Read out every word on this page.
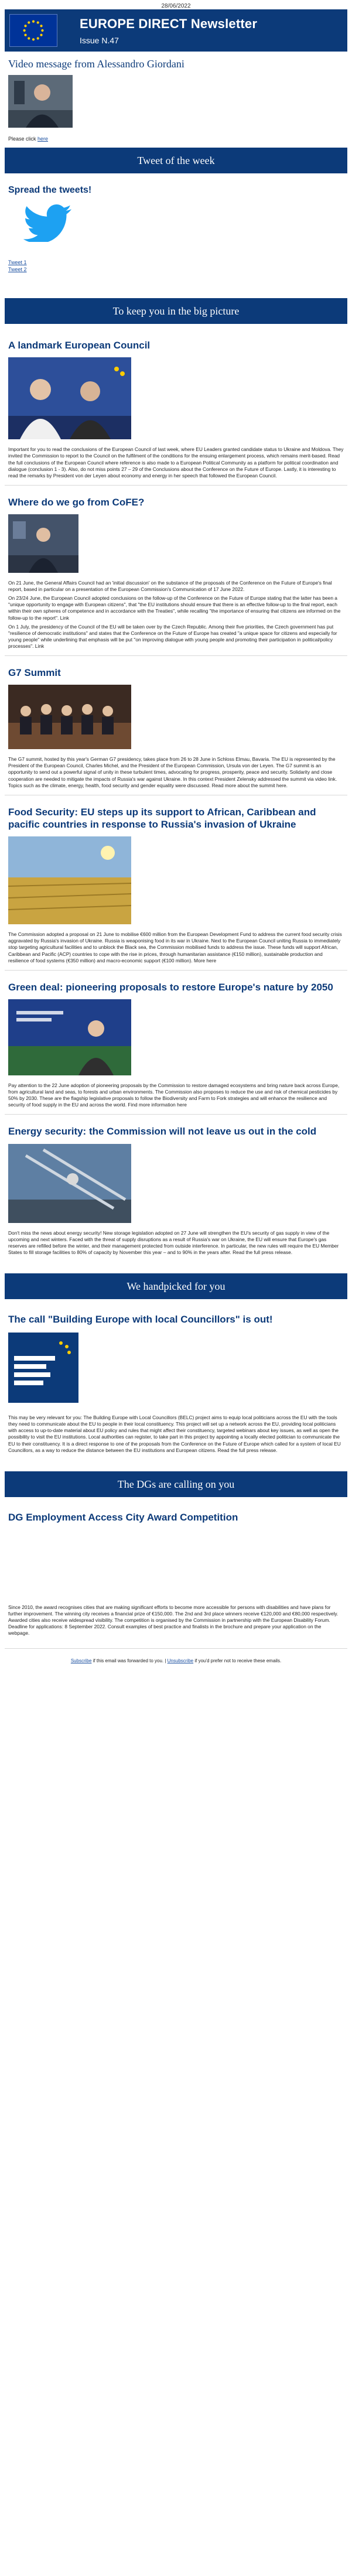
28/06/2022
EUROPE DIRECT Newsletter
Issue N.47
Video message from Alessandro Giordani
Please click here
Tweet of the week
Spread the tweets!
Tweet 1
Tweet 2
To keep you in the big picture
A landmark European Council

Important for you to read the conclusions of the European Council of last week, where EU Leaders granted candidate status to Ukraine and Moldova. They invited the Commission to report to the Council on the fulfilment of the conditions for the ensuing enlargement process, which remains merit-based. Read the full conclusions of the European Council where reference is also made to a European Political Community as a platform for political coordination and dialogue (conclusion 1 - 3). Also, do not miss points 27 – 29 of the Conclusions about the Conference on the Future of Europe. Lastly, it is interesting to read the remarks by President von der Leyen about economy and energy in her speech that followed the European Council.

Where do we go from CoFE?

On 21 June, the General Affairs Council had an 'initial discussion' on the substance of the proposals of the Conference on the Future of Europe's final report, based in particular on a presentation of the European Commission's Communication of 17 June 2022.

On 23/24 June, the European Council adopted conclusions on the follow-up of the Conference on the Future of Europe stating that the latter has been a "unique opportunity to engage with European citizens", that "the EU institutions should ensure that there is an effective follow-up to the final report, each within their own spheres of competence and in accordance with the Treaties", while recalling "the importance of ensuring that citizens are informed on the follow-up to the report". Link

On 1 July, the presidency of the Council of the EU will be taken over by the Czech Republic. Among their five priorities, the Czech government has put "resilience of democratic institutions" and states that the Conference on the Future of Europe has created "a unique space for citizens and especially for young people" while underlining that emphasis will be put "on improving dialogue with young people and promoting their participation in political/policy processes". Link

G7 Summit

The G7 summit, hosted by this year's German G7 presidency, takes place from 26 to 28 June in Schloss Elmau, Bavaria. The EU is represented by the President of the European Council, Charles Michel, and the President of the European Commission, Ursula von der Leyen. The G7 summit is an opportunity to send out a powerful signal of unity in these turbulent times, advocating for progress, prosperity, peace and security. Solidarity and close cooperation are needed to mitigate the impacts of Russia's war against Ukraine. In this context President Zelensky addressed the summit via video link. Topics such as the climate, energy, health, food security and gender equality were discussed. Read more about the summit here.

Food Security: EU steps up its support to African, Caribbean and pacific countries in response to Russia's invasion of Ukraine

The Commission adopted a proposal on 21 June to mobilise €600 million from the European Development Fund to address the current food security crisis aggravated by Russia's invasion of Ukraine. Russia is weaponising food in its war in Ukraine. Next to the European Council uniting Russia to immediately stop targeting agricultural facilities and to unblock the Black sea, the Commission mobilised funds to address the issue. These funds will support African, Caribbean and Pacific (ACP) countries to cope with the rise in prices, through humanitarian assistance (€150 million), sustainable production and resilience of food systems (€350 million) and macro-economic support (€100 million). More here

Green deal: pioneering proposals to restore Europe's nature by 2050

Pay attention to the 22 June adoption of pioneering proposals by the Commission to restore damaged ecosystems and bring nature back across Europe, from agricultural land and seas, to forests and urban environments. The Commission also proposes to reduce the use and risk of chemical pesticides by 50% by 2030. These are the flagship legislative proposals to follow the Biodiversity and Farm to Fork strategies and will enhance the resilience and security of food supply in the EU and across the world. Find more information here

Energy security: the Commission will not leave us out in the cold

Don't miss the news about energy security! New storage legislation adopted on 27 June will strengthen the EU's security of gas supply in view of the upcoming and next winters. Faced with the threat of supply disruptions as a result of Russia's war on Ukraine, the EU will ensure that Europe's gas reserves are refilled before the winter, and their management protected from outside interference. In particular, the new rules will require the EU Member States to fill storage facilities to 80% of capacity by November this year – and to 90% in the years after. Read the full press release.

We handpicked for you
The call "Building Europe with local Councillors" is out!

This may be very relevant for you: The Building Europe with Local Councillors (BELC) project aims to equip local politicians across the EU with the tools they need to communicate about the EU to people in their local constituency. This project will set up a network across the EU, providing local politicians with access to up-to-date material about EU policy and rules that might affect their constituency, targeted webinars about key issues, as well as open the possibility to visit the EU institutions. Local authorities can register, to take part in this project by appointing a locally elected politician to communicate the EU to their constituency. It is a direct response to one of the proposals from the Conference on the Future of Europe which called for a system of local EU Councillors, as a way to reduce the distance between the EU institutions and European citizens. Read the full press release.

The DGs are calling on you
DG Employment Access City Award Competition

Since 2010, the award recognises cities that are making significant efforts to become more accessible for persons with disabilities and have plans for further improvement. The winning city receives a financial prize of €150,000. The 2nd and 3rd place winners receive €120,000 and €80,000 respectively. Awarded cities also receive widespread visibility. The competition is organised by the Commission in partnership with the European Disability Forum. Deadline for applications: 8 September 2022. Consult examples of best practice and finalists in the brochure and prepare your application on the webpage.

Subscribe if this email was forwarded to you. | Unsubscribe if you'd prefer not to receive these emails.
